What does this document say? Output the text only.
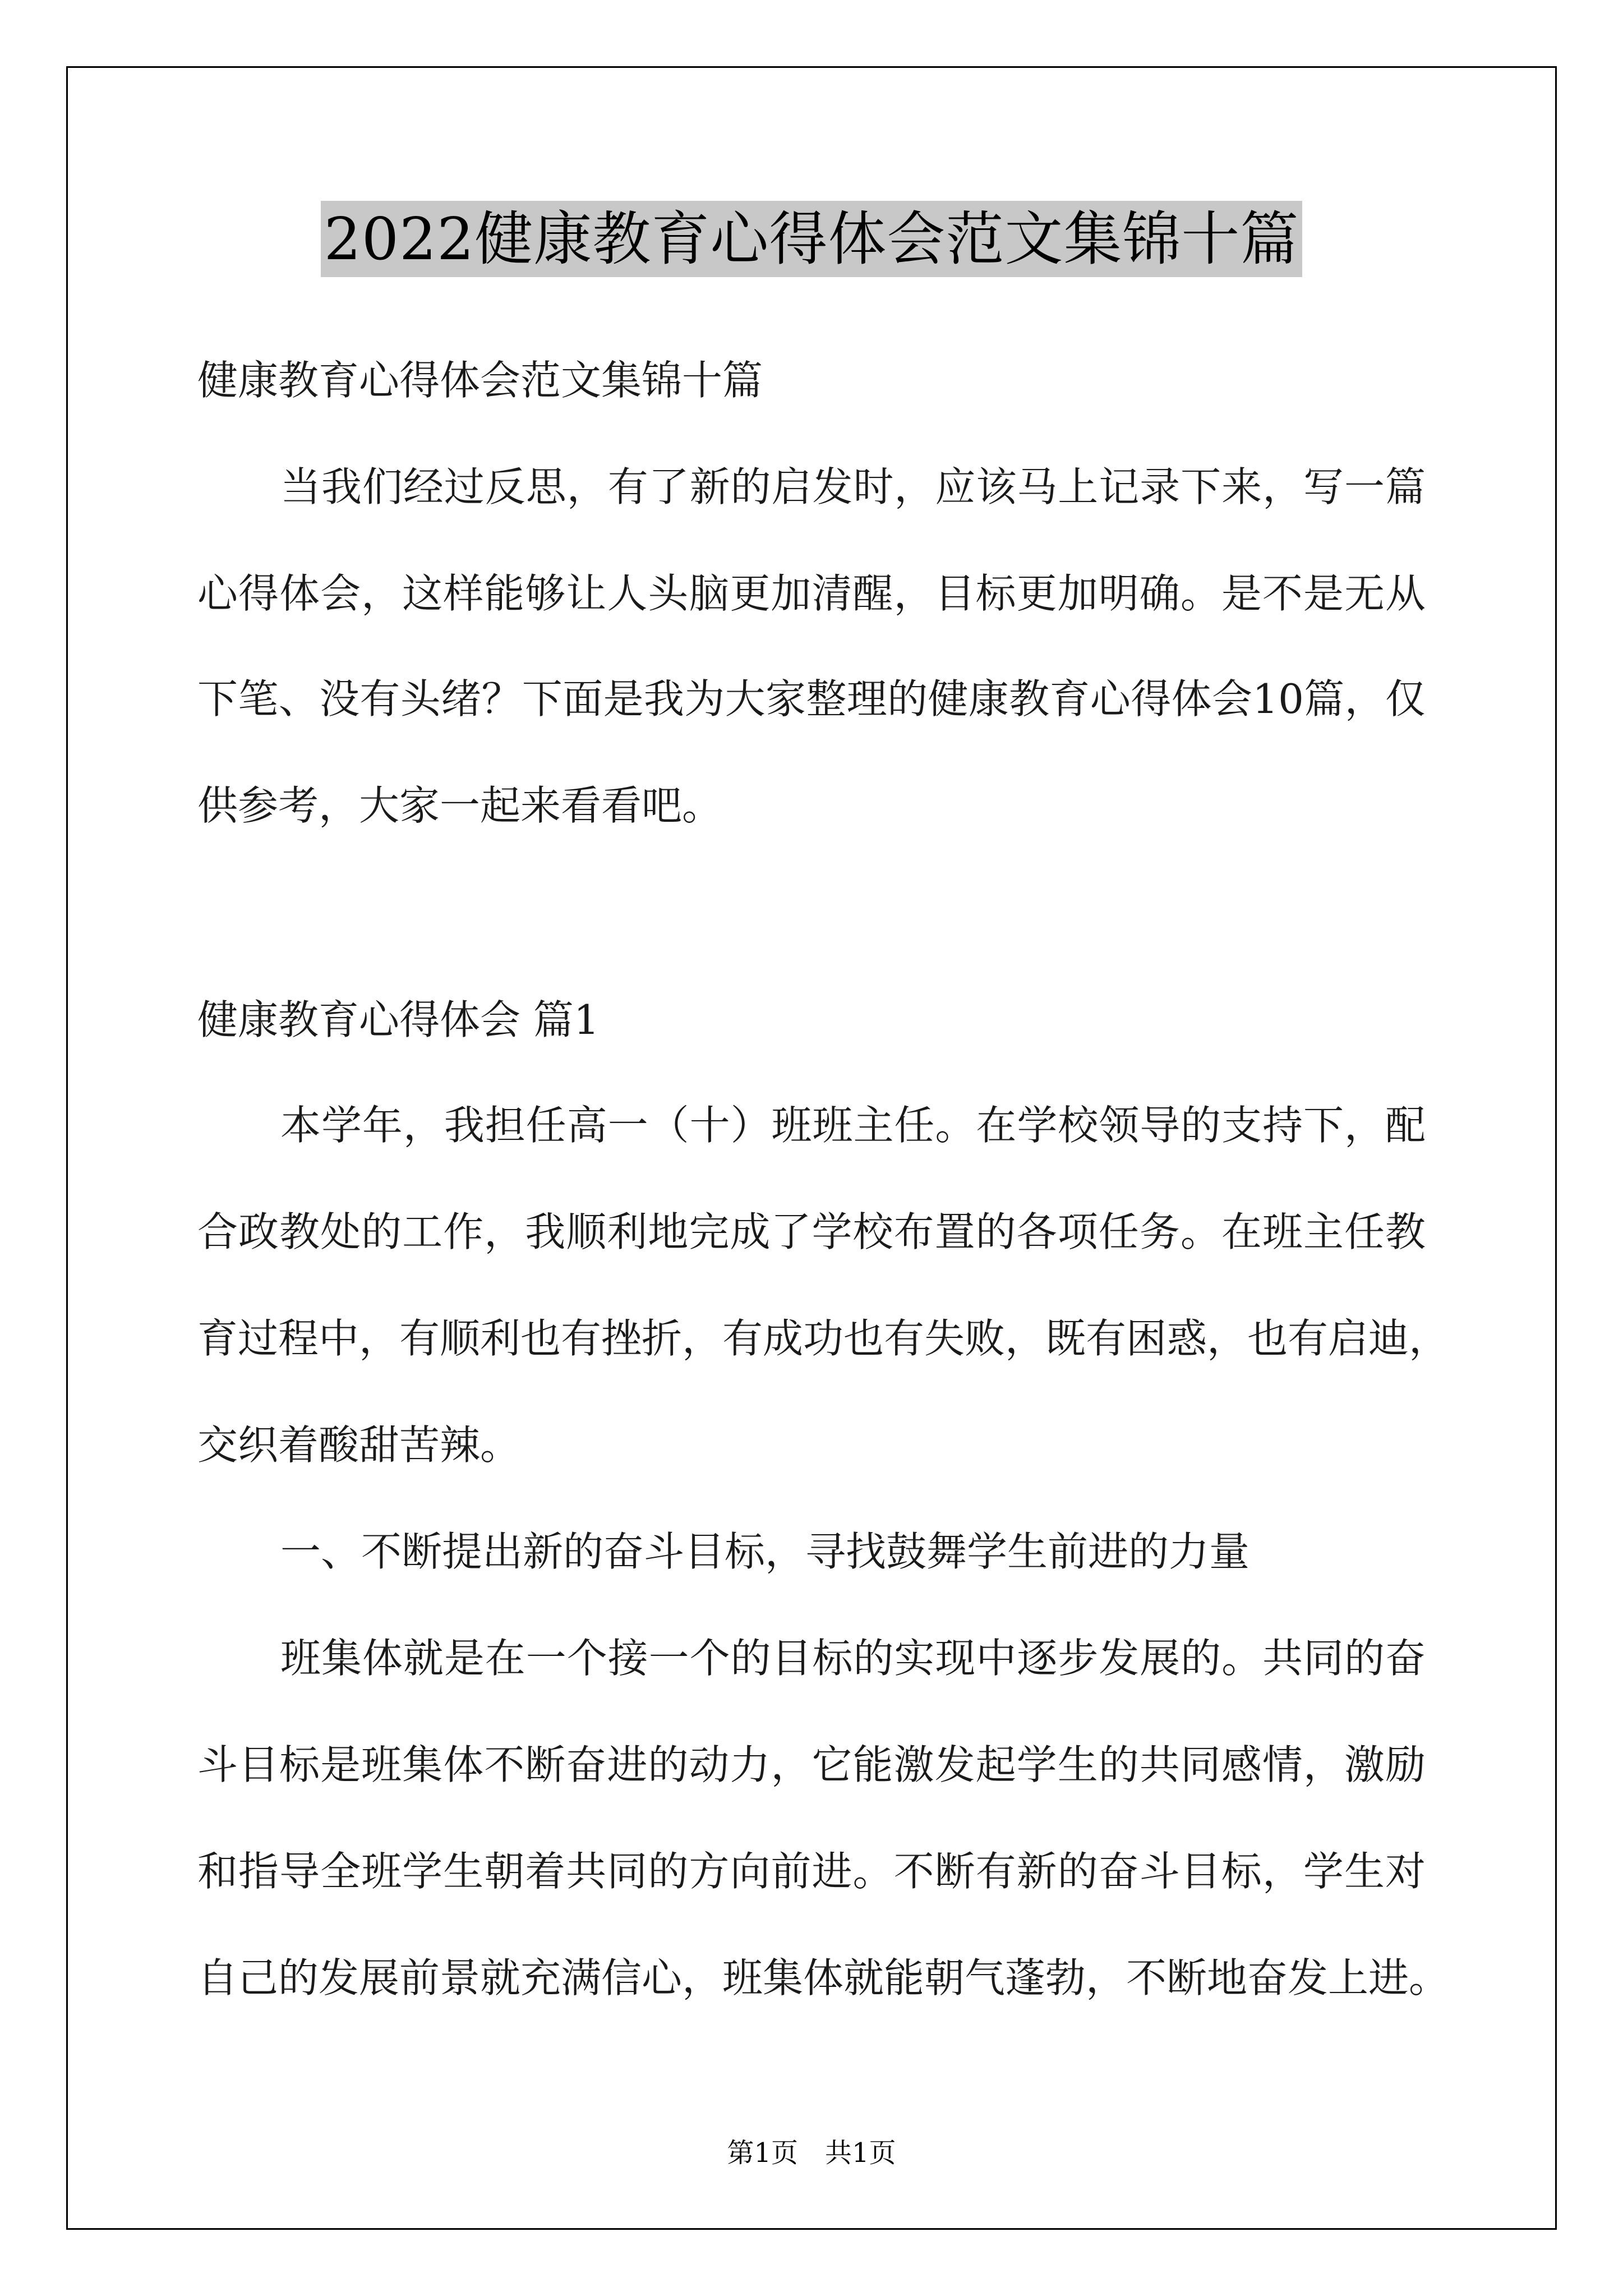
2022健康教育心得体会范文集锦十篇

健康教育心得体会范文集锦十篇

当我们经过反思，有了新的启发时，应该马上记录下来，写一篇

心得体会，这样能够让人头脑更加清醒，目标更加明确。是不是无从

下笔、没有头绪？下面是我为大家整理的健康教育心得体会10篇，仅

供参考，大家一起来看看吧。

健康教育心得体会 篇1

本学年，我担任高一（十）班班主任。在学校领导的支持下，配

合政教处的工作，我顺利地完成了学校布置的各项任务。在班主任教

育过程中，有顺利也有挫折，有成功也有失败，既有困惑，也有启迪，

交织着酸甜苦辣。

一、不断提出新的奋斗目标，寻找鼓舞学生前进的力量

班集体就是在一个接一个的目标的实现中逐步发展的。共同的奋

斗目标是班集体不断奋进的动力，它能激发起学生的共同感情，激励

和指导全班学生朝着共同的方向前进。不断有新的奋斗目标，学生对

自己的发展前景就充满信心，班集体就能朝气蓬勃，不断地奋发上进。

第1页 共1页
